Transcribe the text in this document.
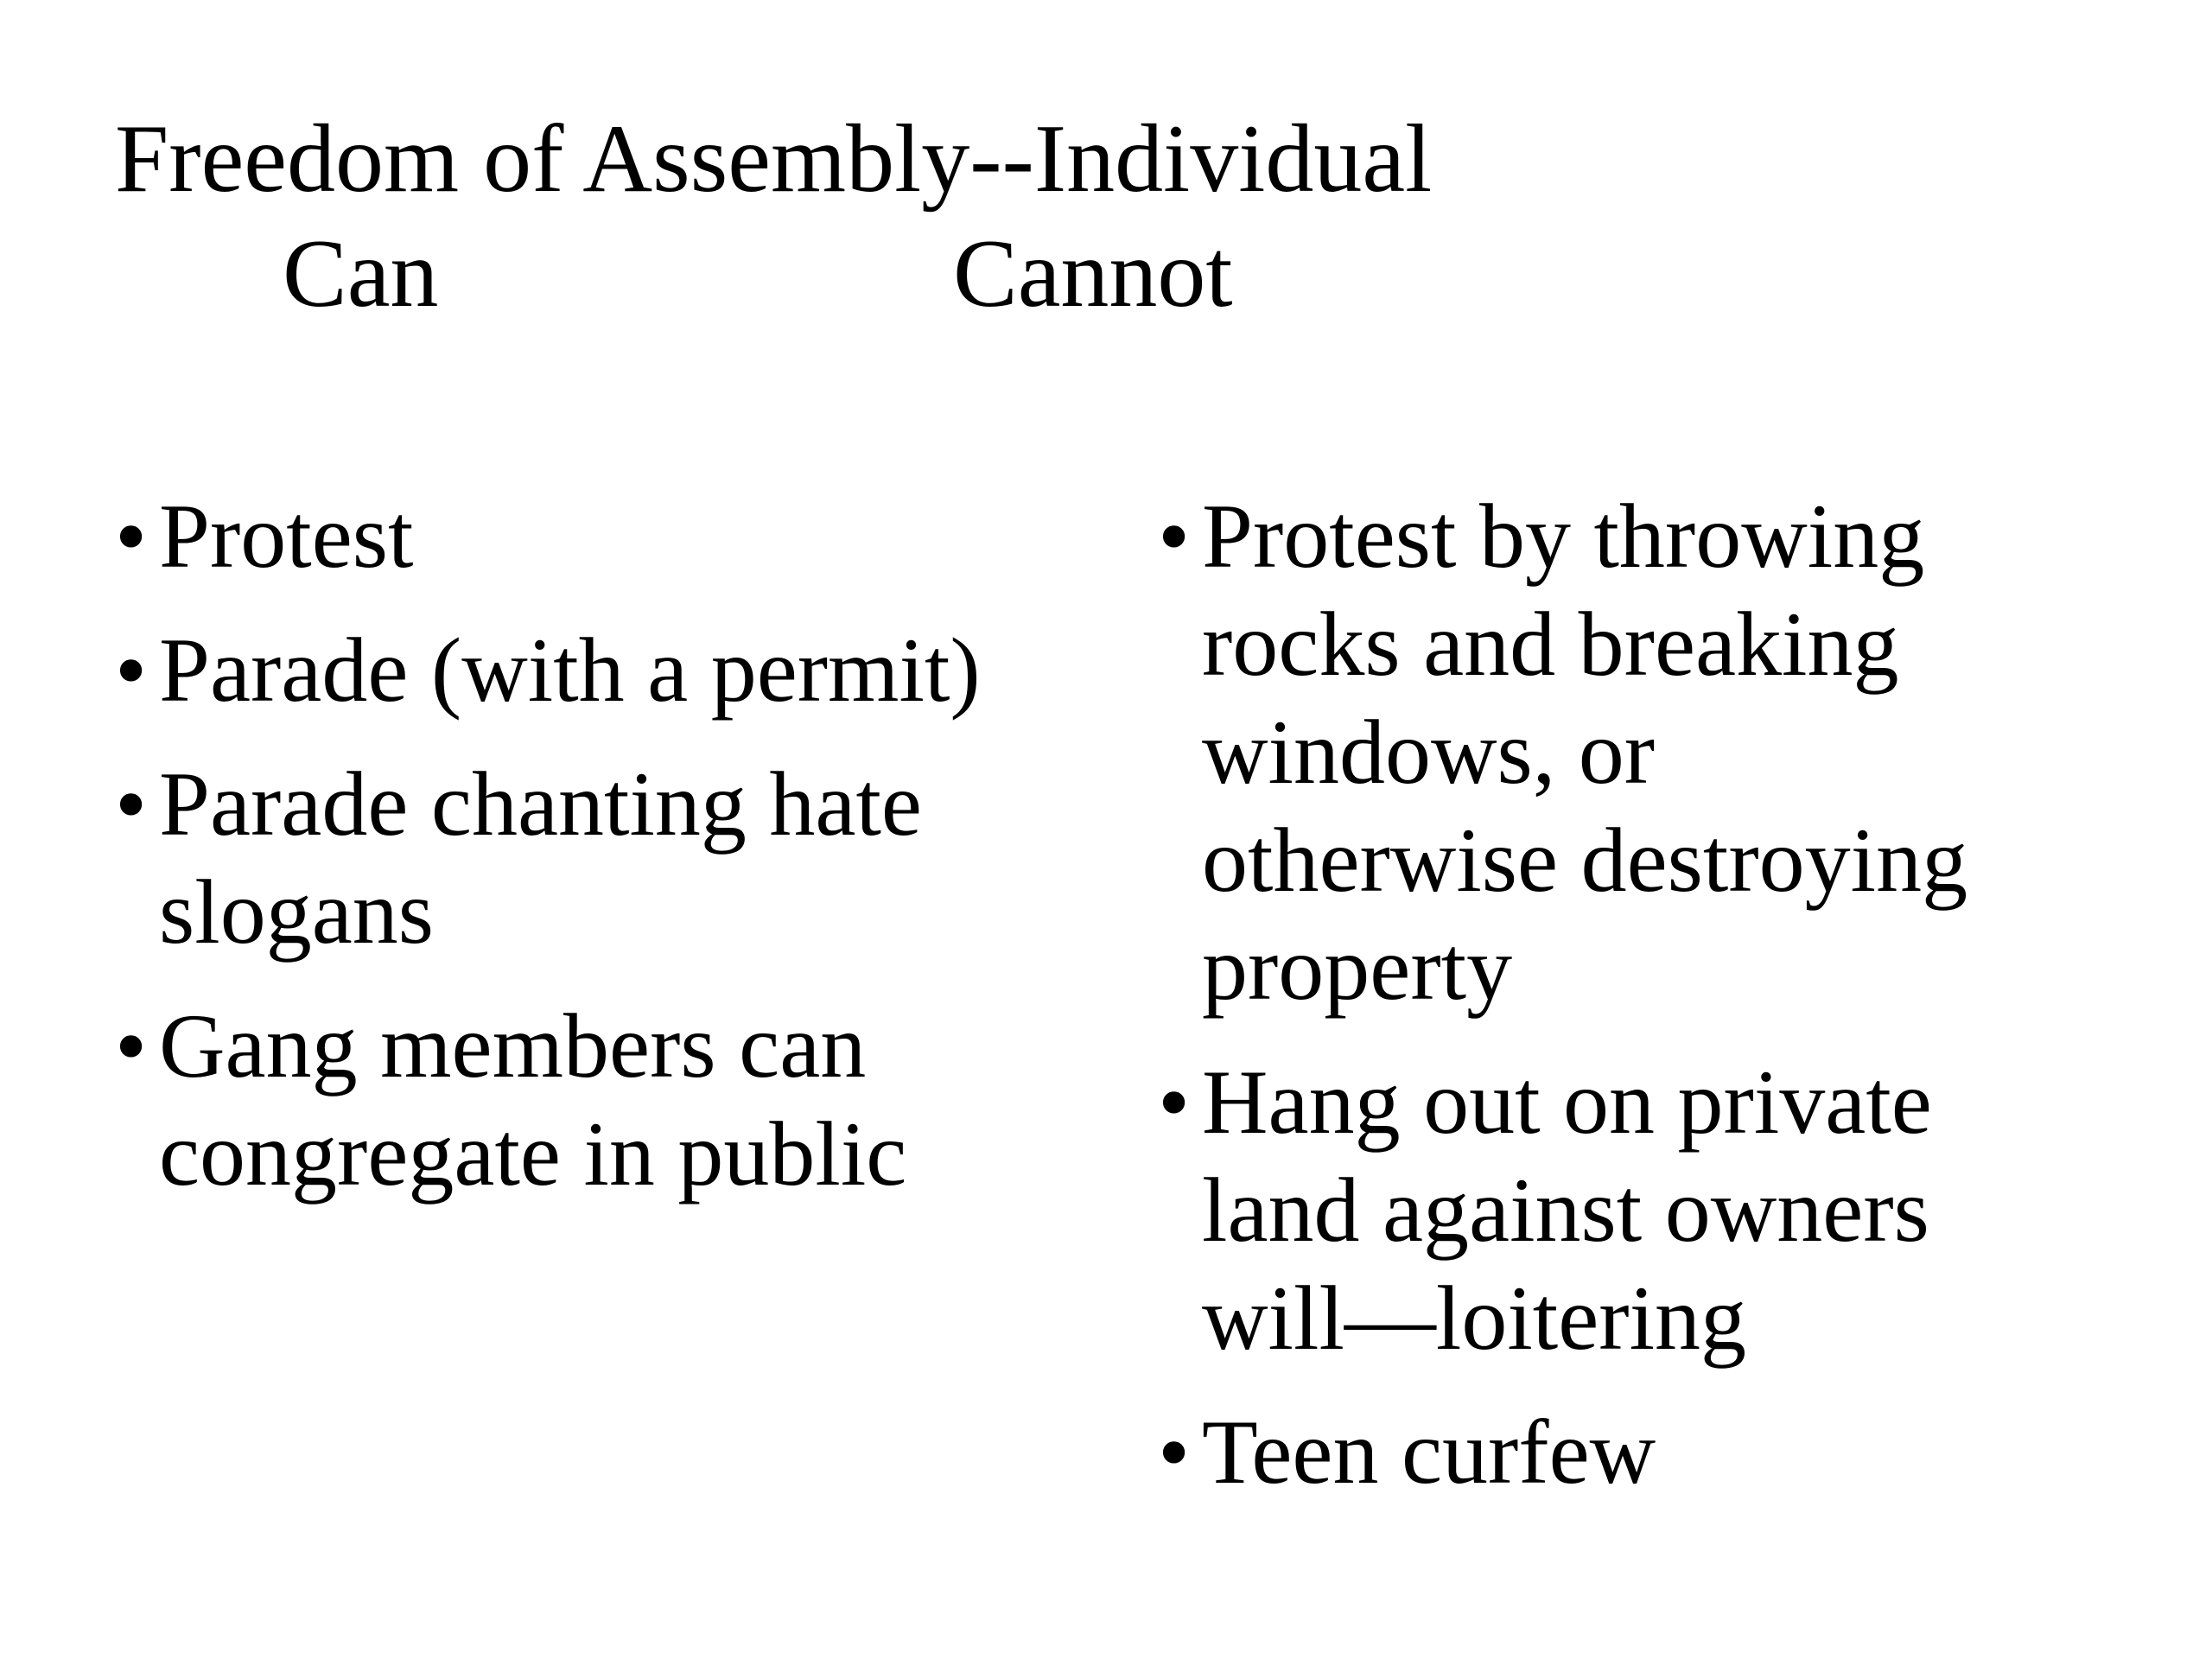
Freedom of Assembly--Individual
Can	Cannot
• Protest
• Parade (with a permit)
• Parade chanting hate
slogans
• Gang members can
congregate in public
• Protest by throwing
rocks and breaking
windows, or
otherwise destroying
property
• Hang out on private
land against owners
will—loitering
• Teen curfew
